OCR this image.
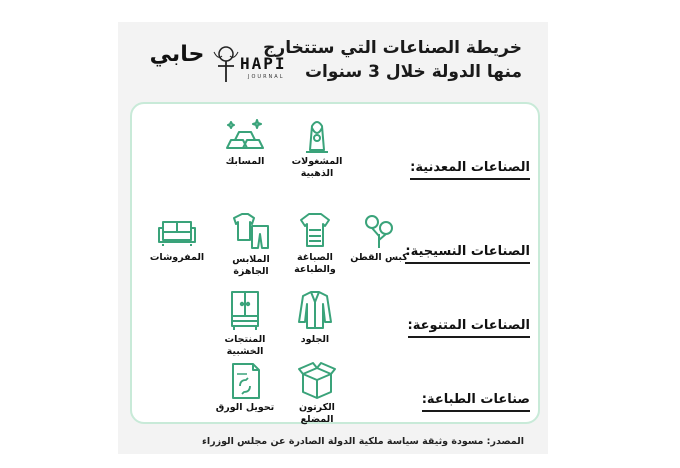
خريطة الصناعات التي ستتخارج
منها الدولة خلال 3 سنوات
HAPI
JOURNAL
حابي
الصناعات المعدنية:
المشغولات
الذهبية
المسابك
الصناعات النسيجية:
كبس القطن
الصباغة
والطباعة
الملابس
الجاهزة
المفروشات
الصناعات المتنوعة:
الجلود
المنتجات
الخشبية
صناعات الطباعة:
الكرتون المضلع
تحويل الورق
المصدر: مسودة وثيقة سياسة ملكية الدولة الصادرة عن مجلس الوزراء
